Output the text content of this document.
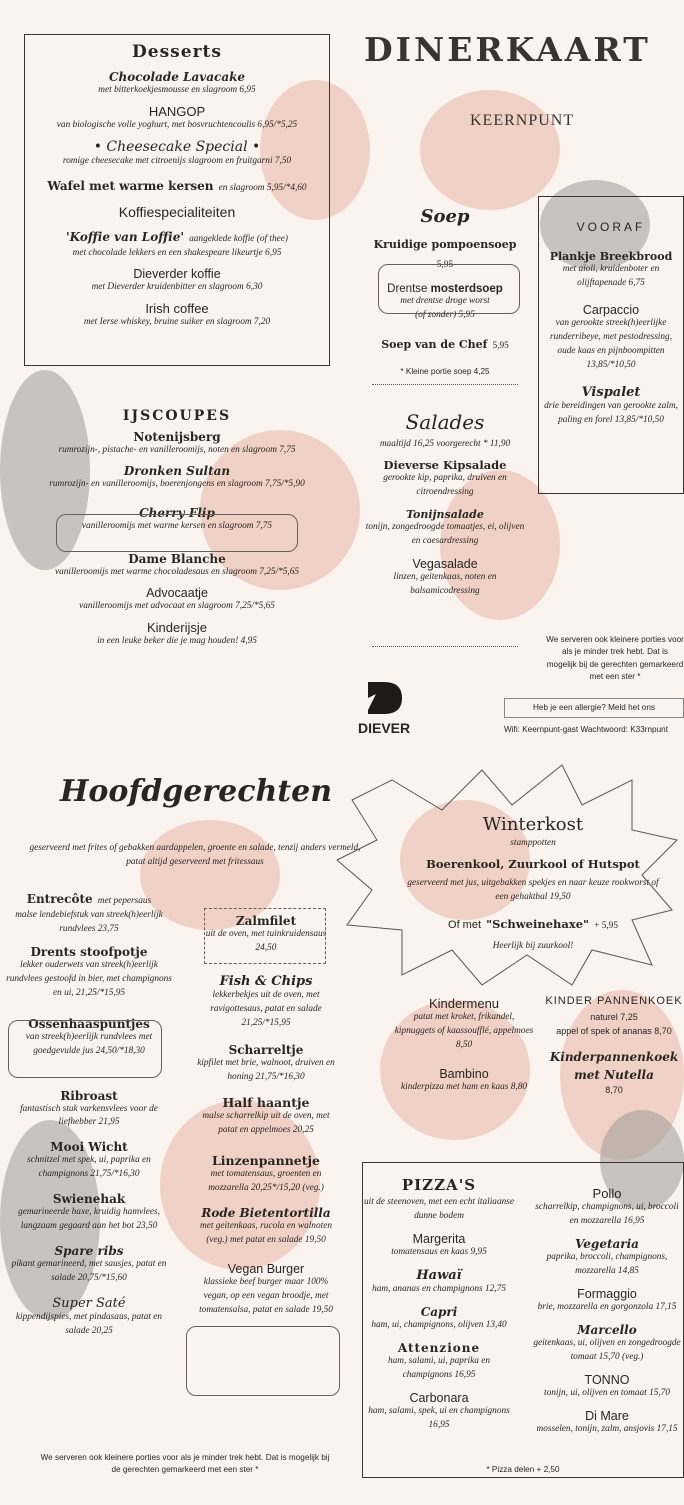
DINERKAART
KEERNPUNT
Desserts
Chocolade Lavacake
met bitterkoekjesmousse en slagroom 6,95
HANGOP
van biologische volle yoghurt, met bosvruchtencoulis 6,95/*5,25
• Cheesecake Special •
romige cheesecake met citroenijs slagroom en fruitgarni 7,50
Wafel met warme kersen en slagroom 5,95/*4,60
Koffiespecialiteiten
'Koffie van Loffie' aangeklede koffie (of thee)
met chocolade lekkers en een shakespeare likeurtje 6,95
Dieverder koffie
met Dieverder kruidenbitter en slagroom 6,30
Irish coffee
met Ierse whiskey, bruine suiker en slagroom 7,20
IJSCOUPES
Notenijsberg
rumrozijn-, pistache- en vanilleroomijs, noten en slagroom 7,75
Dronken Sultan
rumrozijn- en vanilleroomijs, boerenjongens en slagroom 7,75/*5,90
Cherry Flip
vanilleroomijs met warme kersen en slagroom 7,75
Dame Blanche
vanilleroomijs met warme chocoladesaus en slagroom 7,25/*5,65
Advocaatje
vanilleroomijs met advocaat en slagroom 7,25/*5,65
Kinderijsje
in een leuke beker die je mag houden! 4,95
Soep
Kruidige pompoensoep 5,95
Drentse mosterdsoep
met drentse droge worst
(of zonder) 5,95
Soep van de Chef 5,95
* Kleine portie soep 4,25
Salades
maaltijd 16,25 voorgerecht * 11,90
Dieverse Kipsalade
gerookte kip, paprika, druiven en citroendressing
Tonijnsalade
tonijn, zongedroogde tomaatjes, ei, olijven en caesardressing
Vegasalade
linzen, geitenkaas, noten en balsamicodressing
VOORAF
Plankje Breekbrood
met aïoli, kruidenboter en olijftapenade 6,75
Carpaccio
van gerookte streek(h)eerlijke runderribeye, met pestodressing, oude kaas en pijnboompitten 13,85/*10,50
Vispalet
drie bereidingen van gerookte zalm, paling en forel 13,85/*10,50
We serveren ook kleinere porties voor als je minder trek hebt. Dat is mogelijk bij de gerechten gemarkeerd met een ster *
Heb je een allergie? Meld het ons
DIEVER	Wifi: Keernpunt-gast Wachtwoord: K33rnpunt
Hoofdgerechten
geserveerd met frites of gebakken aardappelen, groente en salade, tenzij anders vermeld, patat altijd geserveerd met fritessaus
Entrecôte met pepersaus
malse lendebiefstuk van streek(h)eerlijk rundvlees 23,75
Drents stoofpotje
lekker ouderwets van streek(h)eerlijk rundvlees gestoofd in bier, met champignons en ui, 21,25/*15,95
Ossenhaaspuntjes
van streek(h)eerlijk rundvlees met goedgevulde jus 24,50/*18,30
Ribroast
fantastisch stuk varkensvlees voor de liefhebber 21,95
Mooi Wicht
schnitzel met spek, ui, paprika en champignons 21,75/*16,30
Swienehak
gemarineerde haxe, kruidig hamvlees, langzaam gegaard aan het bot 23,50
Spare ribs
pikant gemarineerd, met sausjes, patat en salade 20,75/*15,60
Super Saté
kippendijspies, met pindasaus, patat en salade 20,25
Zalmfilet
uit de oven, met tuinkruidensaus 24,50
Fish & Chips
lekkerbekjes uit de oven, met ravigottesaus, patat en salade 21,25/*15,95
Scharreltje
kipfilet met brie, walnoot, druiven en honing 21,75/*16,30
Half haantje
malse scharrelkip uit de oven, met patat en appelmoes 20,25
Linzenpannetje
met tomatensaus, groenten en mozzarella 20,25*/15,20 (veg.)
Rode Bietentortilla
met geitenkaas, rucola en walnoten (veg.) met patat en salade 19,50
Vegan Burger
klassieke beef burger maar 100% vegan, op een vegan broodje, met tomatensalsa, patat en salade 19,50
Winterkost
stamppotten
Boerenkool, Zuurkool of Hutspot
geserveerd met jus, uitgebakken spekjes en naar keuze rookworst of een gehaktbal 19,50
Of met "Schweinehaxe" + 5,95
Heerlijk bij zuurkool!
Kindermenu
patat met kroket, frikandel, kipnuggets of kaassoufflé, appelmoes 8,50
Bambino
kinderpizza met ham en kaas 8,80
KINDER PANNENKOEK
naturel 7,25
appel of spek of ananas 8,70
Kinderpannenkoek met Nutella
8,70
PIZZA'S
uit de steenoven, met een echt italiaanse dunne bodem
Margerita
tomatensaus en kaas 9,95
Hawaï
ham, ananas en champignons 12,75
Capri
ham, ui, champignons, olijven 13,40
Attenzione
ham, salami, ui, paprika en champignons 16,95
Carbonara
ham, salami, spek, ui en champignons 16,95
Pollo
scharrelkip, champignons, ui, broccoli en mozzarella 16,95
Vegetaria
paprika, broccoli, champignons, mozzarella 14,85
Formaggio
brie, mozzarella en gorgonzola 17,15
Marcello
geitenkaas, ui, olijven en zongedroogde tomaat 15,70 (veg.)
TONNO
tonijn, ui, olijven en tomaat 15,70
Di Mare
mosselen, tonijn, zalm, ansjovis 17,15
* Pizza delen + 2,50
We serveren ook kleinere porties voor als je minder trek hebt. Dat is mogelijk bij de gerechten gemarkeerd met een ster *
